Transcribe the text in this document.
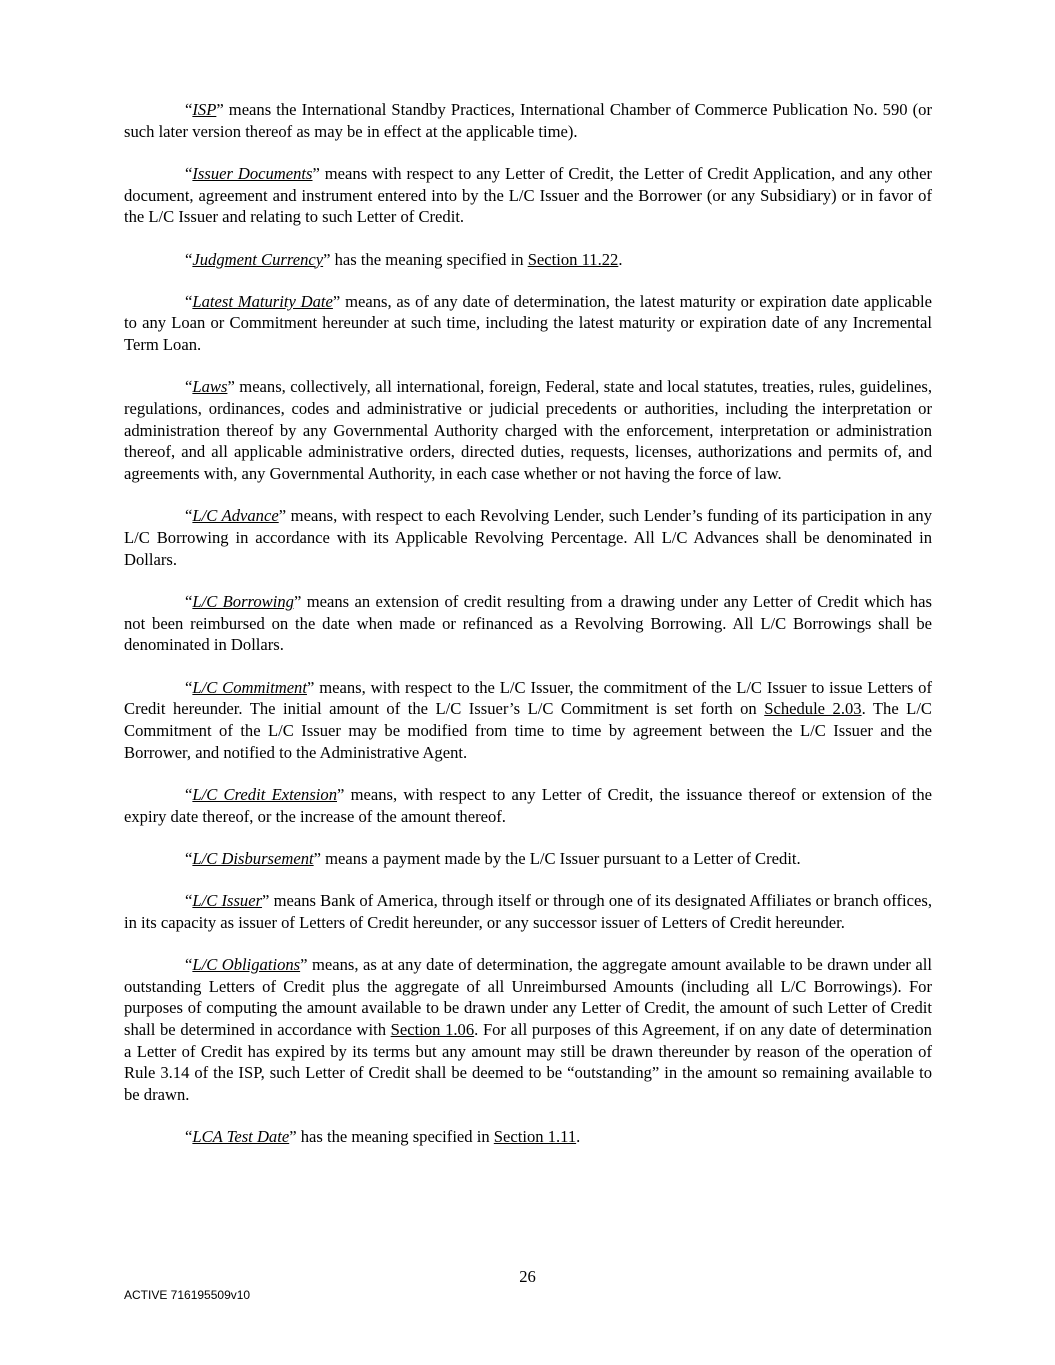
“ISP” means the International Standby Practices, International Chamber of Commerce Publication No. 590 (or such later version thereof as may be in effect at the applicable time).

“Issuer Documents” means with respect to any Letter of Credit, the Letter of Credit Application, and any other document, agreement and instrument entered into by the L/C Issuer and the Borrower (or any Subsidiary) or in favor of the L/C Issuer and relating to such Letter of Credit.

“Judgment Currency” has the meaning specified in Section 11.22.

“Latest Maturity Date” means, as of any date of determination, the latest maturity or expiration date applicable to any Loan or Commitment hereunder at such time, including the latest maturity or expiration date of any Incremental Term Loan.

“Laws” means, collectively, all international, foreign, Federal, state and local statutes, treaties, rules, guidelines, regulations, ordinances, codes and administrative or judicial precedents or authorities, including the interpretation or administration thereof by any Governmental Authority charged with the enforcement, interpretation or administration thereof, and all applicable administrative orders, directed duties, requests, licenses, authorizations and permits of, and agreements with, any Governmental Authority, in each case whether or not having the force of law.

“L/C Advance” means, with respect to each Revolving Lender, such Lender’s funding of its participation in any L/C Borrowing in accordance with its Applicable Revolving Percentage. All L/C Advances shall be denominated in Dollars.

“L/C Borrowing” means an extension of credit resulting from a drawing under any Letter of Credit which has not been reimbursed on the date when made or refinanced as a Revolving Borrowing. All L/C Borrowings shall be denominated in Dollars.

“L/C Commitment” means, with respect to the L/C Issuer, the commitment of the L/C Issuer to issue Letters of Credit hereunder. The initial amount of the L/C Issuer’s L/C Commitment is set forth on Schedule 2.03. The L/C Commitment of the L/C Issuer may be modified from time to time by agreement between the L/C Issuer and the Borrower, and notified to the Administrative Agent.

“L/C Credit Extension” means, with respect to any Letter of Credit, the issuance thereof or extension of the expiry date thereof, or the increase of the amount thereof.

“L/C Disbursement” means a payment made by the L/C Issuer pursuant to a Letter of Credit.

“L/C Issuer” means Bank of America, through itself or through one of its designated Affiliates or branch offices, in its capacity as issuer of Letters of Credit hereunder, or any successor issuer of Letters of Credit hereunder.

“L/C Obligations” means, as at any date of determination, the aggregate amount available to be drawn under all outstanding Letters of Credit plus the aggregate of all Unreimbursed Amounts (including all L/C Borrowings). For purposes of computing the amount available to be drawn under any Letter of Credit, the amount of such Letter of Credit shall be determined in accordance with Section 1.06. For all purposes of this Agreement, if on any date of determination a Letter of Credit has expired by its terms but any amount may still be drawn thereunder by reason of the operation of Rule 3.14 of the ISP, such Letter of Credit shall be deemed to be “outstanding” in the amount so remaining available to be drawn.

“LCA Test Date” has the meaning specified in Section 1.11.

26
ACTIVE 716195509v10
